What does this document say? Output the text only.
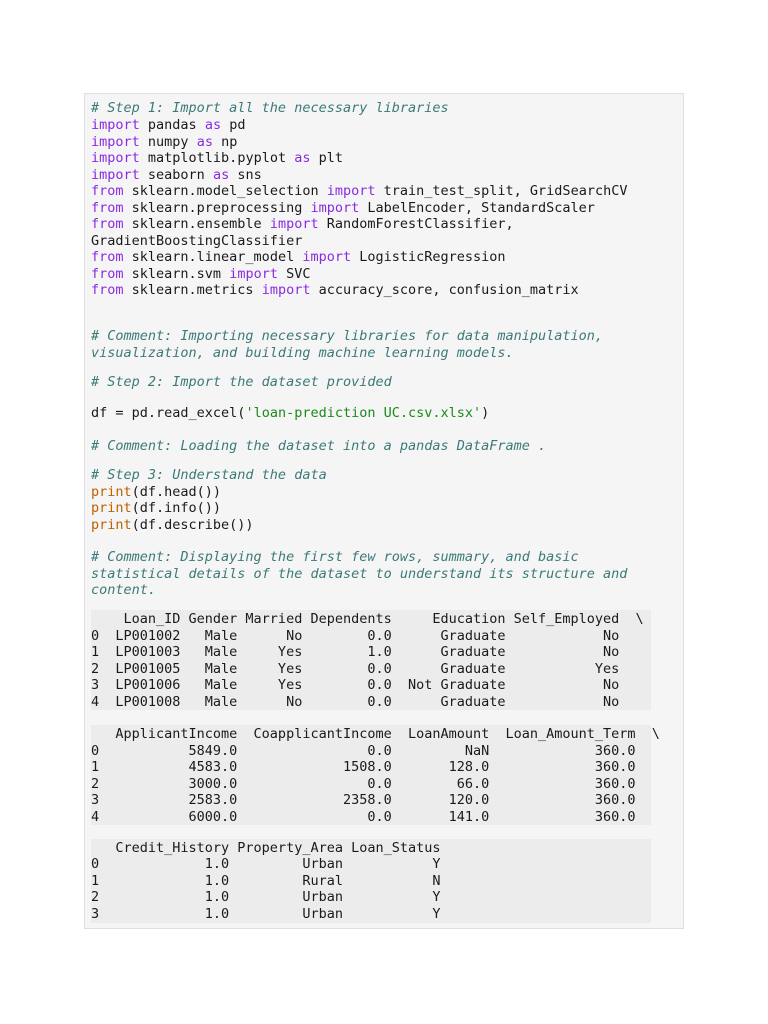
# Step 1: Import all the necessary libraries
import pandas as pd
import numpy as np
import matplotlib.pyplot as plt
import seaborn as sns
from sklearn.model_selection import train_test_split, GridSearchCV
from sklearn.preprocessing import LabelEncoder, StandardScaler
from sklearn.ensemble import RandomForestClassifier,
GradientBoostingClassifier
from sklearn.linear_model import LogisticRegression
from sklearn.svm import SVC
from sklearn.metrics import accuracy_score, confusion_matrix
# Comment: Importing necessary libraries for data manipulation,
visualization, and building machine learning models.
# Step 2: Import the dataset provided
df = pd.read_excel('loan-prediction UC.csv.xlsx')
# Comment: Loading the dataset into a pandas DataFrame .
# Step 3: Understand the data
print(df.head())
print(df.info())
print(df.describe())
# Comment: Displaying the first few rows, summary, and basic
statistical details of the dataset to understand its structure and
content.
Loan_ID Gender Married Dependents     Education Self_Employed  \
0  LP001002   Male      No        0.0      Graduate            No
1  LP001003   Male     Yes        1.0      Graduate            No
2  LP001005   Male     Yes        0.0      Graduate           Yes
3  LP001006   Male     Yes        0.0  Not Graduate            No
4  LP001008   Male      No        0.0      Graduate            No
ApplicantIncome  CoapplicantIncome  LoanAmount  Loan_Amount_Term  \
0           5849.0                0.0         NaN             360.0
1           4583.0             1508.0       128.0             360.0
2           3000.0                0.0        66.0             360.0
3           2583.0             2358.0       120.0             360.0
4           6000.0                0.0       141.0             360.0
Credit_History Property_Area Loan_Status
0             1.0         Urban           Y
1             1.0         Rural           N
2             1.0         Urban           Y
3             1.0         Urban           Y
